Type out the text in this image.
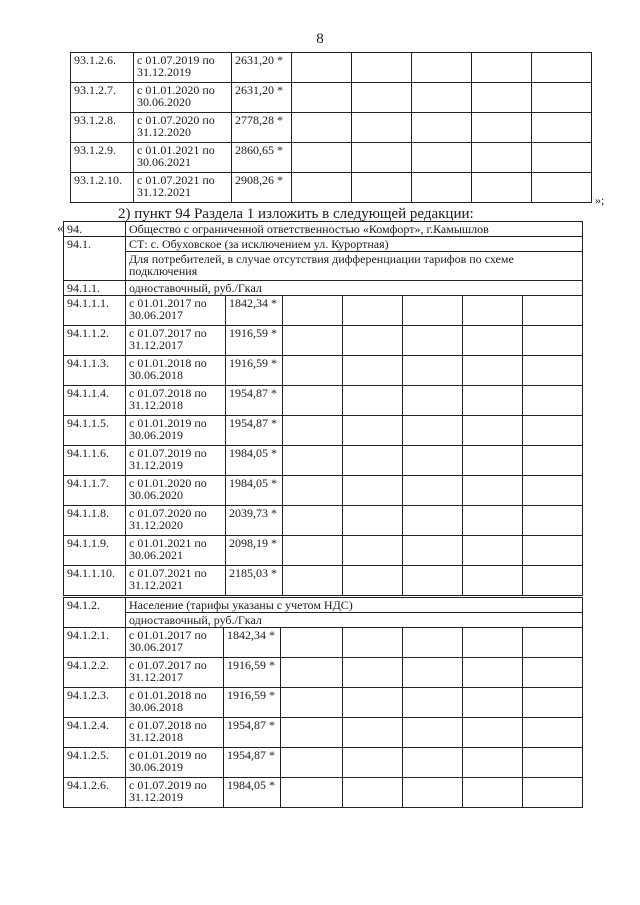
8
93.1.2.6.	с 01.07.2019 по
31.12.2019	2631,20 *					
93.1.2.7.	с 01.01.2020 по
30.06.2020	2631,20 *					
93.1.2.8.	с 01.07.2020 по
31.12.2020	2778,28 *					
93.1.2.9.	с 01.01.2021 по
30.06.2021	2860,65 *					
93.1.2.10.	с 01.07.2021 по
31.12.2021	2908,26 *					
»;
2) пункт 94 Раздела 1 изложить в следующей редакции:
« 94.	Общество с ограниченной ответственностью «Комфорт», г.Камышлов						
94.1.	СТ: с. Обуховское (за исключением ул. Курортная)						
	Для потребителей, в случае отсутствия дифференциации тарифов по схеме подключения						
94.1.1.	одноставочный, руб./Гкал						
94.1.1.1.	с 01.01.2017 по
30.06.2017	1842,34 *					
94.1.1.2.	с 01.07.2017 по
31.12.2017	1916,59 *					
94.1.1.3.	с 01.01.2018 по
30.06.2018	1916,59 *					
94.1.1.4.	с 01.07.2018 по
31.12.2018	1954,87 *					
94.1.1.5.	с 01.01.2019 по
30.06.2019	1954,87 *					
94.1.1.6.	с 01.07.2019 по
31.12.2019	1984,05 *					
94.1.1.7.	с 01.01.2020 по
30.06.2020	1984,05 *					
94.1.1.8.	с 01.07.2020 по
31.12.2020	2039,73 *					
94.1.1.9.	с 01.01.2021 по
30.06.2021	2098,19 *					
94.1.1.10.	с 01.07.2021 по
31.12.2021	2185,03 *					
94.1.2.	Население (тарифы указаны с учетом НДС)						
	одноставочный, руб./Гкал						
94.1.2.1.	с 01.01.2017 по
30.06.2017	1842,34 *					
94.1.2.2.	с 01.07.2017 по
31.12.2017	1916,59 *					
94.1.2.3.	с 01.01.2018 по
30.06.2018	1916,59 *					
94.1.2.4.	с 01.07.2018 по
31.12.2018	1954,87 *					
94.1.2.5.	с 01.01.2019 по
30.06.2019	1954,87 *					
94.1.2.6.	с 01.07.2019 по
31.12.2019	1984,05 *					
